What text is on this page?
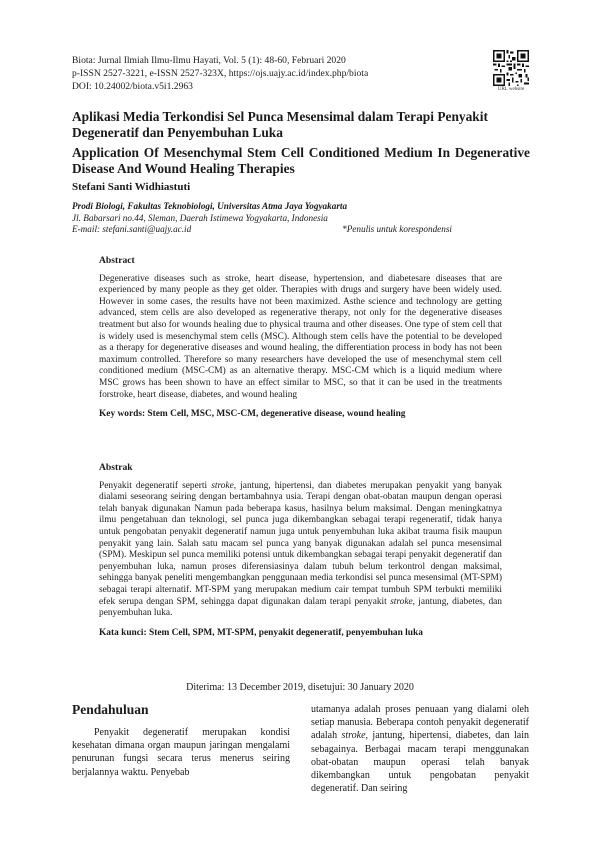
Biota: Jurnal Ilmiah Ilmu-Ilmu Hayati, Vol. 5 (1): 48-60, Februari 2020
p-ISSN 2527-3221, e-ISSN 2527-323X, https://ojs.uajy.ac.id/index.php/biota
DOI: 10.24002/biota.v5i1.2963	URL website
Aplikasi Media Terkondisi Sel Punca Mesensimal dalam Terapi Penyakit Degeneratif dan Penyembuhan Luka
Application Of Mesenchymal Stem Cell Conditioned Medium In Degenerative Disease And Wound Healing Therapies
Stefani Santi Widhiastuti
Prodi Biologi, Fakultas Teknobiologi, Universitas Atma Jaya Yogyakarta
Jl. Babarsari no.44, Sleman, Daerah Istimewa Yogyakarta, Indonesia
E-mail: stefani.santi@uajy.ac.id	*Penulis untuk korespondensi
Abstract

Degenerative diseases such as stroke, heart disease, hypertension, and diabetesare diseases that are experienced by many people as they get older. Therapies with drugs and surgery have been widely used. However in some cases, the results have not been maximized. Asthe science and technology are getting advanced, stem cells are also developed as regenerative therapy, not only for the degenerative diseases treatment but also for wounds healing due to physical trauma and other diseases. One type of stem cell that is widely used is mesenchymal stem cells (MSC). Although stem cells have the potential to be developed as a therapy for degenerative diseases and wound healing, the differentiation process in body has not been maximum controlled. Therefore so many researchers have developed the use of mesenchymal stem cell conditioned medium (MSC-CM) as an alternative therapy. MSC-CM which is a liquid medium where MSC grows has been shown to have an effect similar to MSC, so that it can be used in the treatments forstroke, heart disease, diabetes, and wound healing

Key words: Stem Cell, MSC, MSC-CM, degenerative disease, wound healing

Abstrak

Penyakit degeneratif seperti stroke, jantung, hipertensi, dan diabetes merupakan penyakit yang banyak dialami seseorang seiring dengan bertambahnya usia. Terapi dengan obat-obatan maupun dengan operasi telah banyak digunakan Namun pada beberapa kasus, hasilnya belum maksimal. Dengan meningkatnya ilmu pengetahuan dan teknologi, sel punca juga dikembangkan sebagai terapi regeneratif, tidak hanya untuk pengobatan penyakit degeneratif namun juga untuk penyembuhan luka akibat trauma fisik maupun penyakit yang lain. Salah satu macam sel punca yang banyak digunakan adalah sel punca mesensimal (SPM). Meskipun sel punca memiliki potensi untuk dikembangkan sebagai terapi penyakit degeneratif dan penyembuhan luka, namun proses diferensiasinya dalam tubuh belum terkontrol dengan maksimal, sehingga banyak peneliti mengembangkan penggunaan media terkondisi sel punca mesensimal (MT-SPM) sebagai terapi alternatif. MT-SPM yang merupakan medium cair tempat tumbuh SPM terbukti memiliki efek serupa dengan SPM, sehingga dapat digunakan dalam terapi penyakit stroke, jantung, diabetes, dan penyembuhan luka.

Kata kunci: Stem Cell, SPM, MT-SPM, penyakit degeneratif, penyembuhan luka

Diterima: 13 December 2019, disetujui: 30 January 2020
Pendahuluan

Penyakit degeneratif merupakan kondisi kesehatan dimana organ maupun jaringan mengalami penurunan fungsi secara terus menerus seiring berjalannya waktu. Penyebab

utamanya adalah proses penuaan yang dialami oleh setiap manusia. Beberapa contoh penyakit degeneratif adalah stroke, jantung, hipertensi, diabetes, dan lain sebagainya. Berbagai macam terapi menggunakan obat-obatan maupun operasi telah banyak dikembangkan untuk pengobatan penyakit degeneratif. Dan seiring
